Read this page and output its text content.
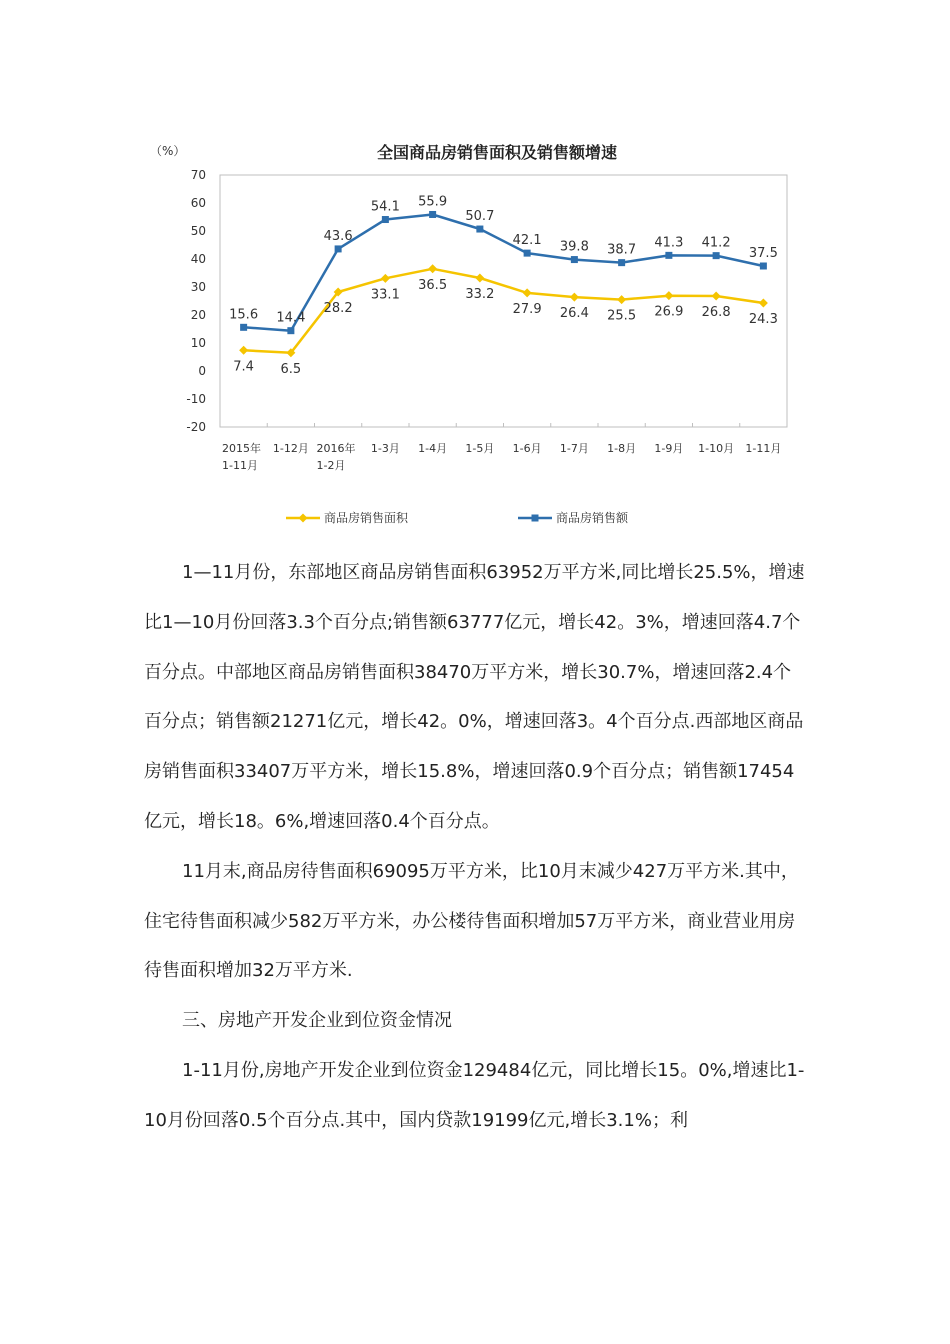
（%）	全国商品房销售面积及销售额增速
70
60
50
40
30
20
10
0
-10
-20
2015年
1-11月
1-12月 2016年
1-2月
1-3月 1-4月 1-5月 1-6月 1-7月 1-8月 1-9月 1-10月 1-11月
7.4 6.5
28.2
33.1
36.5
33.2
27.9 26.4 25.5 26.9 26.8 24.3
15.6 14.4
43.6
54.1 55.9
50.7
42.1 39.8 38.7 41.3 41.2
37.5
商品房销售面积	商品房销售额

1—11月份，东部地区商品房销售面积63952万平方米,同比增长25.5%，增速比1—10月份回落3.3个百分点;销售额63777亿元，增长42。3%，增速回落4.7个百分点。中部地区商品房销售面积38470万平方米，增长30.7%，增速回落2.4个百分点；销售额21271亿元，增长42。0%，增速回落3。4个百分点.西部地区商品房销售面积33407万平方米，增长15.8%，增速回落0.9个百分点；销售额17454亿元，增长18。6%,增速回落0.4个百分点。

11月末,商品房待售面积69095万平方米，比10月末减少427万平方米.其中，住宅待售面积减少582万平方米，办公楼待售面积增加57万平方米，商业营业用房待售面积增加32万平方米.

三、房地产开发企业到位资金情况

1-11月份,房地产开发企业到位资金129484亿元，同比增长15。0%,增速比1-10月份回落0.5个百分点.其中，国内贷款19199亿元,增长3.1%；利
